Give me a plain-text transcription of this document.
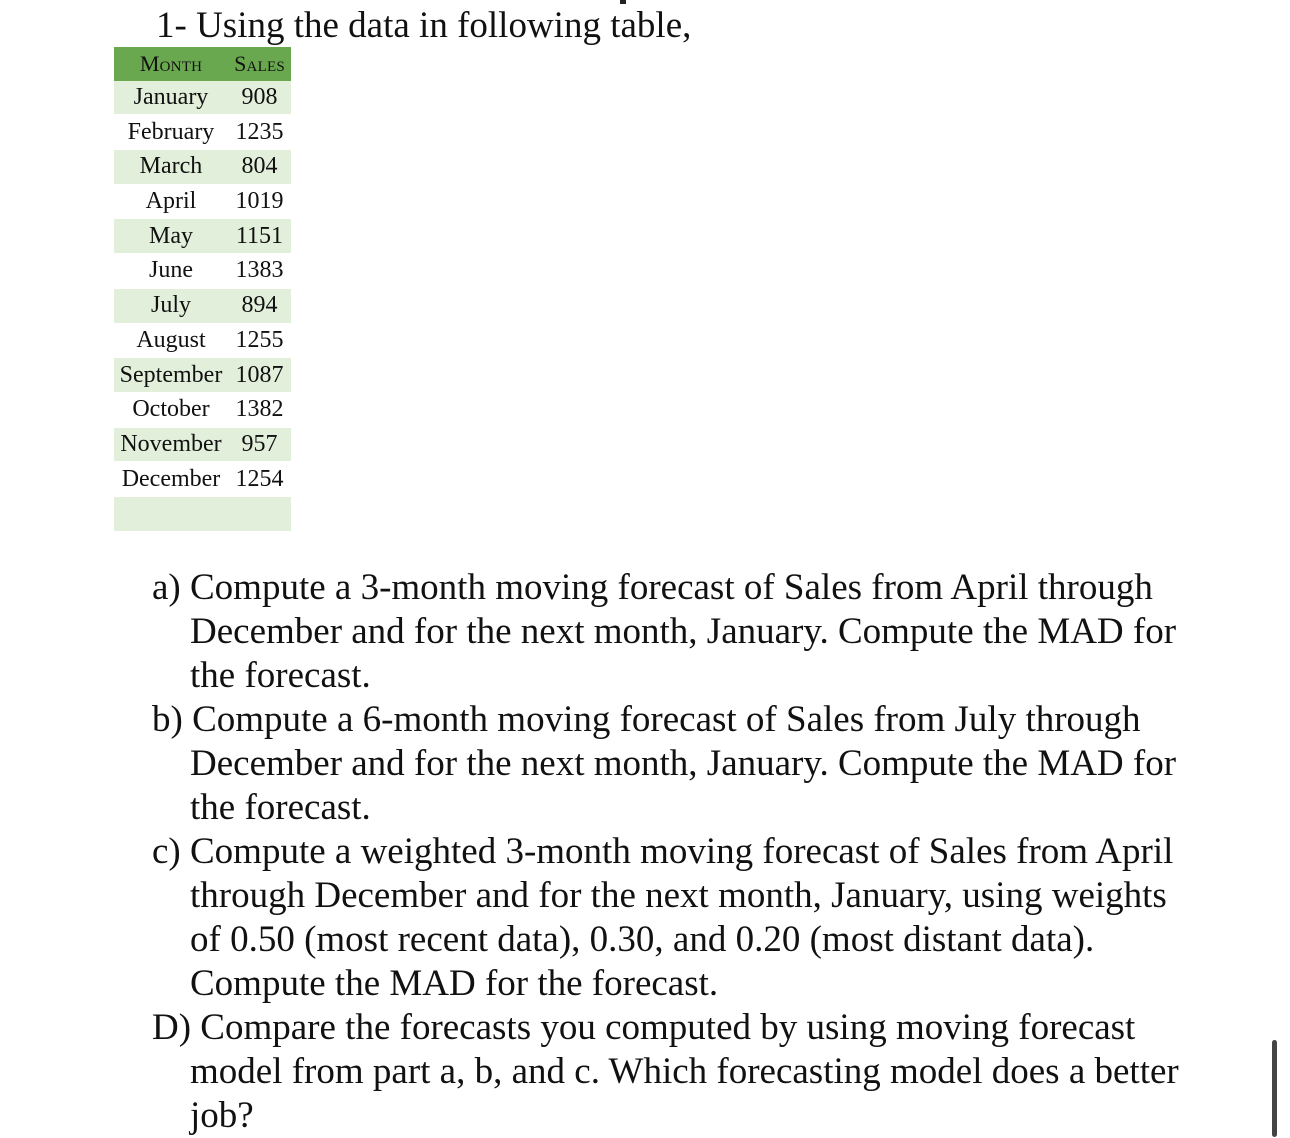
1- Using the data in following table,
Month	Sales
January	908
February	1235
March	804
April	1019
May	1151
June	1383
July	894
August	1255
September	1087
October	1382
November	957
December	1254

a) Compute a 3-month moving forecast of Sales from April through December and for the next month, January. Compute the MAD for the forecast.
b) Compute a 6-month moving forecast of Sales from July through December and for the next month, January. Compute the MAD for the forecast.
c) Compute a weighted 3-month moving forecast of Sales from April through December and for the next month, January, using weights of 0.50 (most recent data), 0.30, and 0.20 (most distant data). Compute the MAD for the forecast.
D) Compare the forecasts you computed by using moving forecast model from part a, b, and c. Which forecasting model does a better job?
